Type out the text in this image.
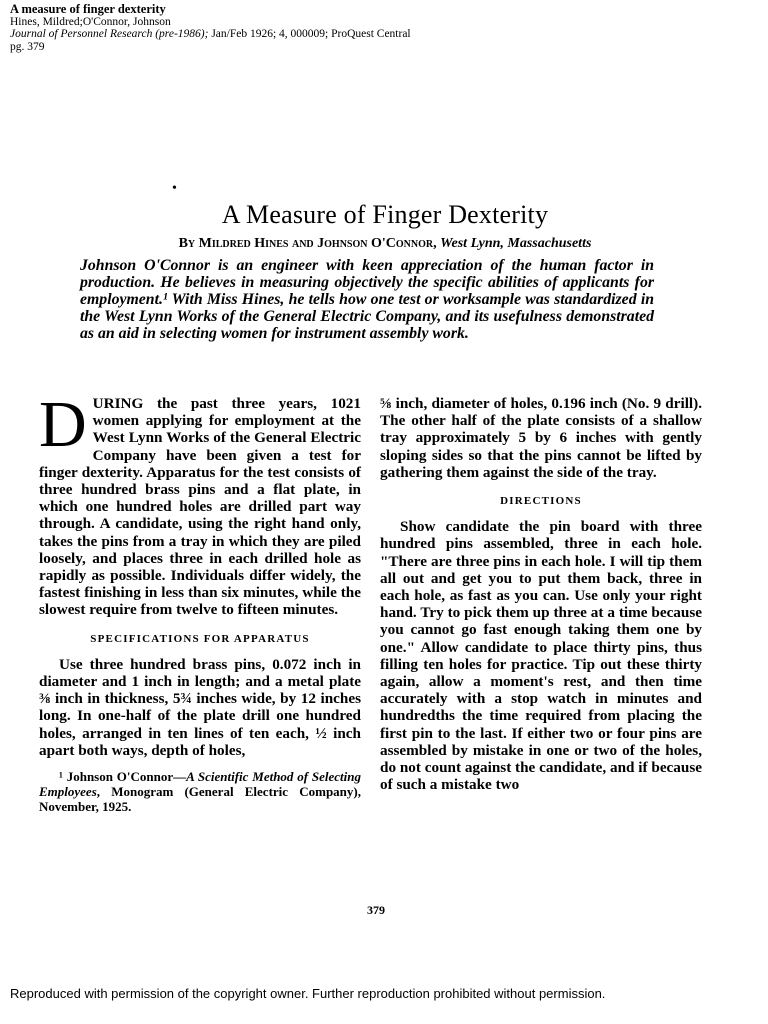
A measure of finger dexterity
Hines, Mildred;O'Connor, Johnson
Journal of Personnel Research (pre-1986); Jan/Feb 1926; 4, 000009; ProQuest Central
pg. 379
•
A Measure of Finger Dexterity
By Mildred Hines and Johnson O'Connor, West Lynn, Massachusetts
Johnson O'Connor is an engineer with keen appreciation of the human factor in production. He believes in measuring objectively the specific abilities of applicants for employment.¹ With Miss Hines, he tells how one test or worksample was standardized in the West Lynn Works of the General Electric Company, and its usefulness demonstrated as an aid in selecting women for instrument assembly work.

D URING the past three years, 1021 women applying for employment at the West Lynn Works of the General Electric Company have been given a test for finger dexterity. Apparatus for the test consists of three hundred brass pins and a flat plate, in which one hundred holes are drilled part way through. A candidate, using the right hand only, takes the pins from a tray in which they are piled loosely, and places three in each drilled hole as rapidly as possible. Individuals differ widely, the fastest finishing in less than six minutes, while the slowest require from twelve to fifteen minutes.

SPECIFICATIONS FOR APPARATUS

Use three hundred brass pins, 0.072 inch in diameter and 1 inch in length; and a metal plate ⅜ inch in thickness, 5¾ inches wide, by 12 inches long. In one-half of the plate drill one hundred holes, arranged in ten lines of ten each, ½ inch apart both ways, depth of holes,

¹ Johnson O'Connor—A Scientific Method of Selecting Employees, Monogram (General Electric Company), November, 1925.

⅝ inch, diameter of holes, 0.196 inch (No. 9 drill). The other half of the plate consists of a shallow tray approximately 5 by 6 inches with gently sloping sides so that the pins cannot be lifted by gathering them against the side of the tray.

DIRECTIONS

Show candidate the pin board with three hundred pins assembled, three in each hole. "There are three pins in each hole. I will tip them all out and get you to put them back, three in each hole, as fast as you can. Use only your right hand. Try to pick them up three at a time because you cannot go fast enough taking them one by one." Allow candidate to place thirty pins, thus filling ten holes for practice. Tip out these thirty again, allow a moment's rest, and then time accurately with a stop watch in minutes and hundredths the time required from placing the first pin to the last. If either two or four pins are assembled by mistake in one or two of the holes, do not count against the candidate, and if because of such a mistake two

379
Reproduced with permission of the copyright owner. Further reproduction prohibited without permission.
